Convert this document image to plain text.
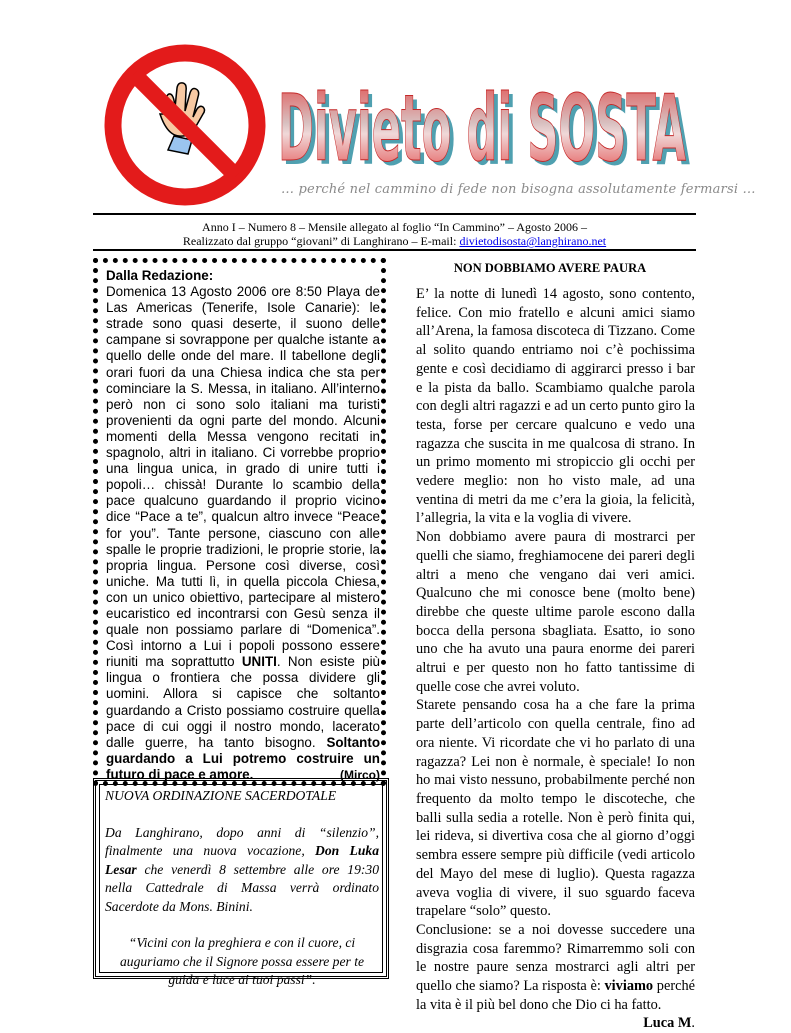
Divieto di SOSTA
Divieto di SOSTA
… perché nel cammino di fede non bisogna assolutamente fermarsi …
Anno I – Numero 8 – Mensile allegato al foglio “In Cammino” – Agosto 2006 –
Realizzato dal gruppo “giovani” di Langhirano – E-mail: divietodisosta@langhirano.net
Dalla Redazione:
Domenica 13 Agosto 2006 ore 8:50 Playa de Las Americas (Tenerife, Isole Canarie): le strade sono quasi deserte, il suono delle campane si sovrappone per qualche istante a quello delle onde del mare. Il tabellone degli orari fuori da una Chiesa indica che sta per cominciare la S. Messa, in italiano. All’interno però non ci sono solo italiani ma turisti provenienti da ogni parte del mondo. Alcuni momenti della Messa vengono recitati in spagnolo, altri in italiano. Ci vorrebbe proprio una lingua unica, in grado di unire tutti i popoli… chissà! Durante lo scambio della pace qualcuno guardando il proprio vicino dice “Pace a te”, qualcun altro invece “Peace for you”. Tante persone, ciascuno con alle spalle le proprie tradizioni, le proprie storie, la propria lingua. Persone così diverse, così uniche. Ma tutti lì, in quella piccola Chiesa, con un unico obiettivo, partecipare al mistero eucaristico ed incontrarsi con Gesù senza il quale non possiamo parlare di “Domenica”. Così intorno a Lui i popoli possono essere riuniti ma soprattutto UNITI. Non esiste più lingua o frontiera che possa dividere gli uomini. Allora si capisce che soltanto guardando a Cristo possiamo costruire quella pace di cui oggi il nostro mondo, lacerato dalle guerre, ha tanto bisogno. Soltanto guardando a Lui potremo costruire un futuro di pace e amore.	(Mirco)
NUOVA ORDINAZIONE SACERDOTALE
Da Langhirano, dopo anni di “silenzio”, finalmente una nuova vocazione, Don Luka Lesar che venerdì 8 settembre alle ore 19:30 nella Cattedrale di Massa verrà ordinato Sacerdote da Mons. Binini.
“Vicini con la preghiera e con il cuore, ci auguriamo che il Signore possa essere per te guida e luce ai tuoi passi”.
NON DOBBIAMO AVERE PAURA

E’ la notte di lunedì 14 agosto, sono contento, felice. Con mio fratello e alcuni amici siamo all’Arena, la famosa discoteca di Tizzano. Come al solito quando entriamo noi c’è pochissima gente e così decidiamo di aggirarci presso i bar e la pista da ballo. Scambiamo qualche parola con degli altri ragazzi e ad un certo punto giro la testa, forse per cercare qualcuno e vedo una ragazza che suscita in me qualcosa di strano. In un primo momento mi stropiccio gli occhi per vedere meglio: non ho visto male, ad una ventina di metri da me c’era la gioia, la felicità, l’allegria, la vita e la voglia di vivere.

Non dobbiamo avere paura di mostrarci per quelli che siamo, freghiamocene dei pareri degli altri a meno che vengano dai veri amici. Qualcuno che mi conosce bene (molto bene) direbbe che queste ultime parole escono dalla bocca della persona sbagliata. Esatto, io sono uno che ha avuto una paura enorme dei pareri altrui e per questo non ho fatto tantissime di quelle cose che avrei voluto.

Starete pensando cosa ha a che fare la prima parte dell’articolo con quella centrale, fino ad ora niente. Vi ricordate che vi ho parlato di una ragazza? Lei non è normale, è speciale! Io non ho mai visto nessuno, probabilmente perché non frequento da molto tempo le discoteche, che balli sulla sedia a rotelle. Non è però finita qui, lei rideva, si divertiva cosa che al giorno d’oggi sembra essere sempre più difficile (vedi articolo del Mayo del mese di luglio). Questa ragazza aveva voglia di vivere, il suo sguardo faceva trapelare “solo” questo.

Conclusione: se a noi dovesse succedere una disgrazia cosa faremmo? Rimarremmo soli con le nostre paure senza mostrarci agli altri per quello che siamo? La risposta è: viviamo perché la vita è il più bel dono che Dio ci ha fatto.
Luca M.
